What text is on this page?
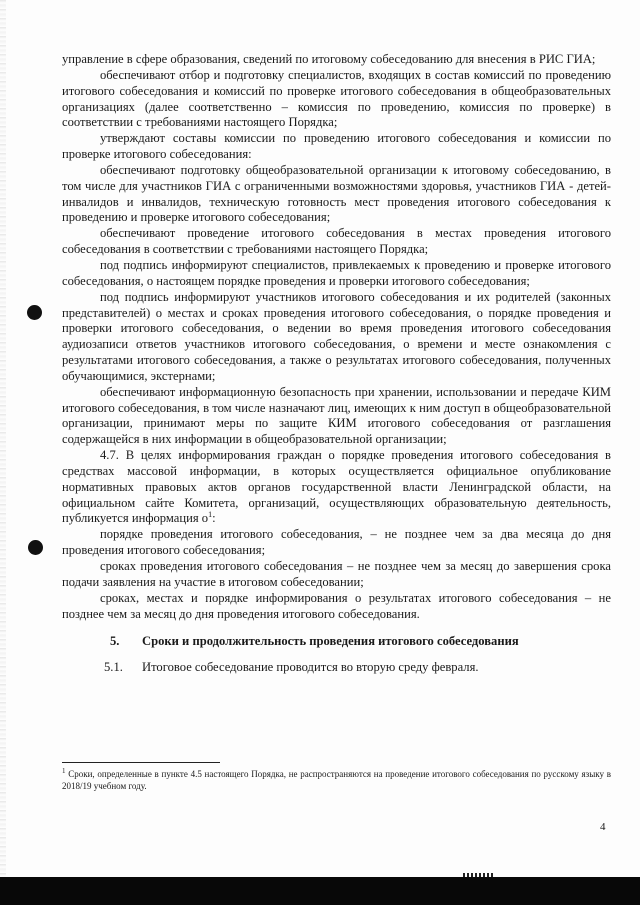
управление в сфере образования, сведений по итоговому собеседованию для внесения в РИС ГИА;

обеспечивают отбор и подготовку специалистов, входящих в состав комиссий по проведению итогового собеседования и комиссий по проверке итогового собеседования в общеобразовательных организациях (далее соответственно – комиссия по проведению, комиссия по проверке) в соответствии с требованиями настоящего Порядка;

утверждают составы комиссии по проведению итогового собеседования и комиссии по проверке итогового собеседования:

обеспечивают подготовку общеобразовательной организации к итоговому собеседованию, в том числе для участников ГИА с ограниченными возможностями здоровья, участников ГИА - детей-инвалидов и инвалидов, техническую готовность мест проведения итогового собеседования к проведению и проверке итогового собеседования;

обеспечивают проведение итогового собеседования в местах проведения итогового собеседования в соответствии с требованиями настоящего Порядка;

под подпись информируют специалистов, привлекаемых к проведению и проверке итогового собеседования, о настоящем порядке проведения и проверки итогового собеседования;

под подпись информируют участников итогового собеседования и их родителей (законных представителей) о местах и сроках проведения итогового собеседования, о порядке проведения и проверки итогового собеседования, о ведении во время проведения итогового собеседования аудиозаписи ответов участников итогового собеседования, о времени и месте ознакомления с результатами итогового собеседования, а также о результатах итогового собеседования, полученных обучающимися, экстернами;

обеспечивают информационную безопасность при хранении, использовании и передаче КИМ итогового собеседования, в том числе назначают лиц, имеющих к ним доступ в общеобразовательной организации, принимают меры по защите КИМ итогового собеседования от разглашения содержащейся в них информации в общеобразовательной организации;

4.7. В целях информирования граждан о порядке проведения итогового собеседования в средствах массовой информации, в которых осуществляется официальное опубликование нормативных правовых актов органов государственной власти Ленинградской области, на официальном сайте Комитета, организаций, осуществляющих образовательную деятельность, публикуется информация $о^1$:

порядке проведения итогового собеседования, – не позднее чем за два месяца до дня проведения итогового собеседования;

сроках проведения итогового собеседования – не позднее чем за месяц до завершения срока подачи заявления на участие в итоговом собеседовании;

сроках, местах и порядке информирования о результатах итогового собеседования – не позднее чем за месяц до дня проведения итогового собеседования.

5. Сроки и продолжительность проведения итогового собеседования

5.1. Итоговое собеседование проводится во вторую среду февраля.

$^1$ Сроки, определенные в пункте 4.5 настоящего Порядка, не распространяются на проведение итогового собеседования по русскому языку в 2018/19 учебном году.
4
